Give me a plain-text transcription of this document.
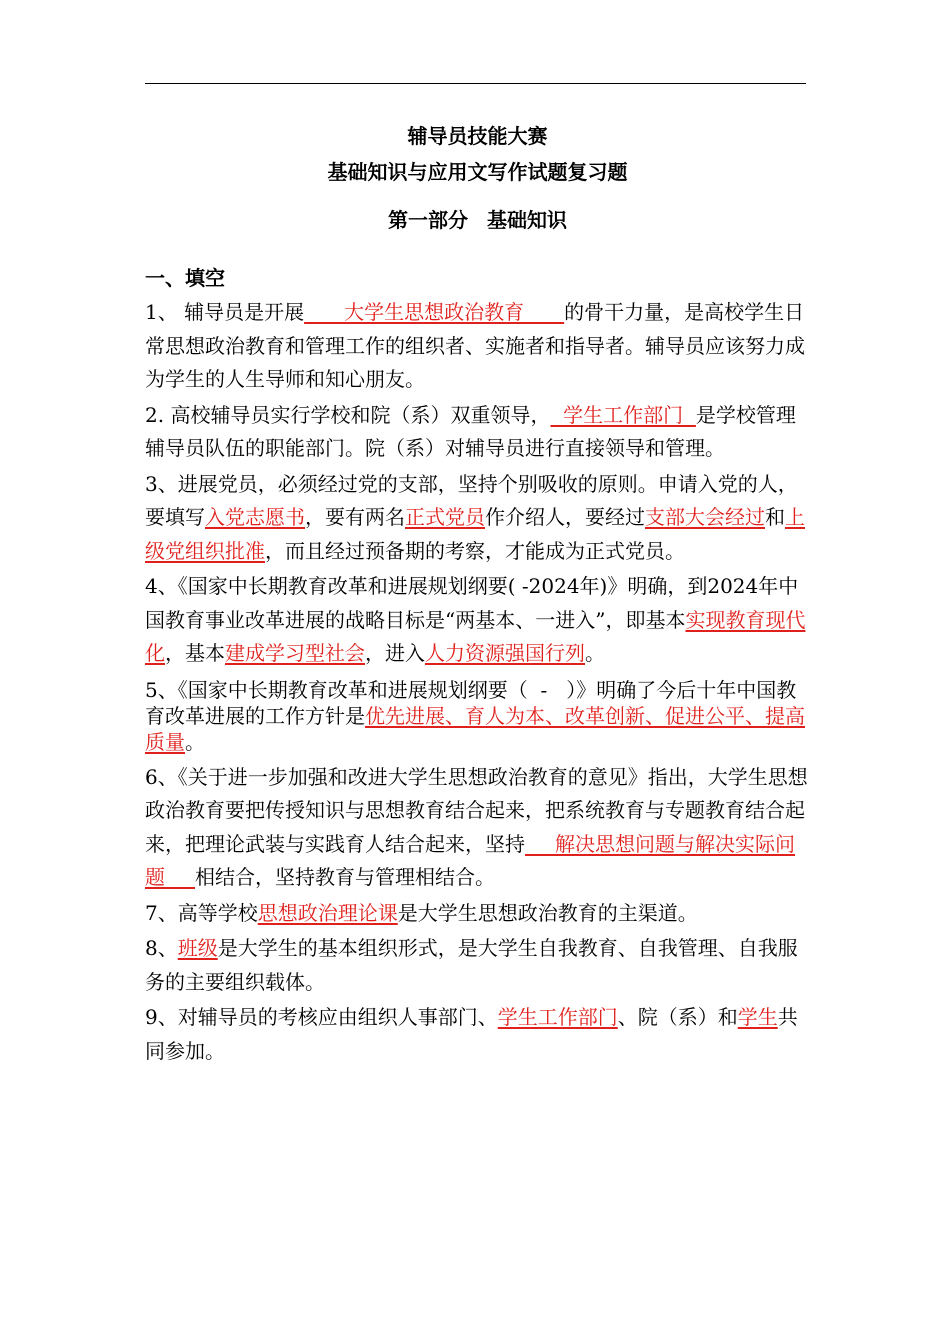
辅导员技能大赛
基础知识与应用文写作试题复习题
第一部分 基础知识
一、填空

1、 辅导员是开展____大学生思想政治教育____的骨干力量，是高校学生日常思想政治教育和管理工作的组织者、实施者和指导者。辅导员应该努力成为学生的人生导师和知心朋友。

2. 高校辅导员实行学校和院（系）双重领导，  学生工作部门  是学校管理辅导员队伍的职能部门。院（系）对辅导员进行直接领导和管理。

3、进展党员，必须经过党的支部，坚持个别吸收的原则。申请入党的人，要填写入党志愿书，要有两名正式党员作介绍人，要经过支部大会经过和上级党组织批准，而且经过预备期的考察，才能成为正式党员。

4、《国家中长期教育改革和进展规划纲要( -2024年)》明确，到2024年中国教育事业改革进展的战略目标是“两基本、一进入”，即基本实现教育现代化，基本建成学习型社会，进入人力资源强国行列。

5、《国家中长期教育改革和进展规划纲要（  -   ）》明确了今后十年中国教育改革进展的工作方针是优先进展、育人为本、改革创新、促进公平、提高质量。

6、《关于进一步加强和改进大学生思想政治教育的意见》指出，大学生思想政治教育要把传授知识与思想教育结合起来，把系统教育与专题教育结合起来，把理论武装与实践育人结合起来，坚持___解决思想问题与解决实际问题___相结合，坚持教育与管理相结合。

7、高等学校思想政治理论课是大学生思想政治教育的主渠道。

8、班级是大学生的基本组织形式，是大学生自我教育、自我管理、自我服务的主要组织载体。

9、对辅导员的考核应由组织人事部门、学生工作部门、院（系）和学生共同参加。
